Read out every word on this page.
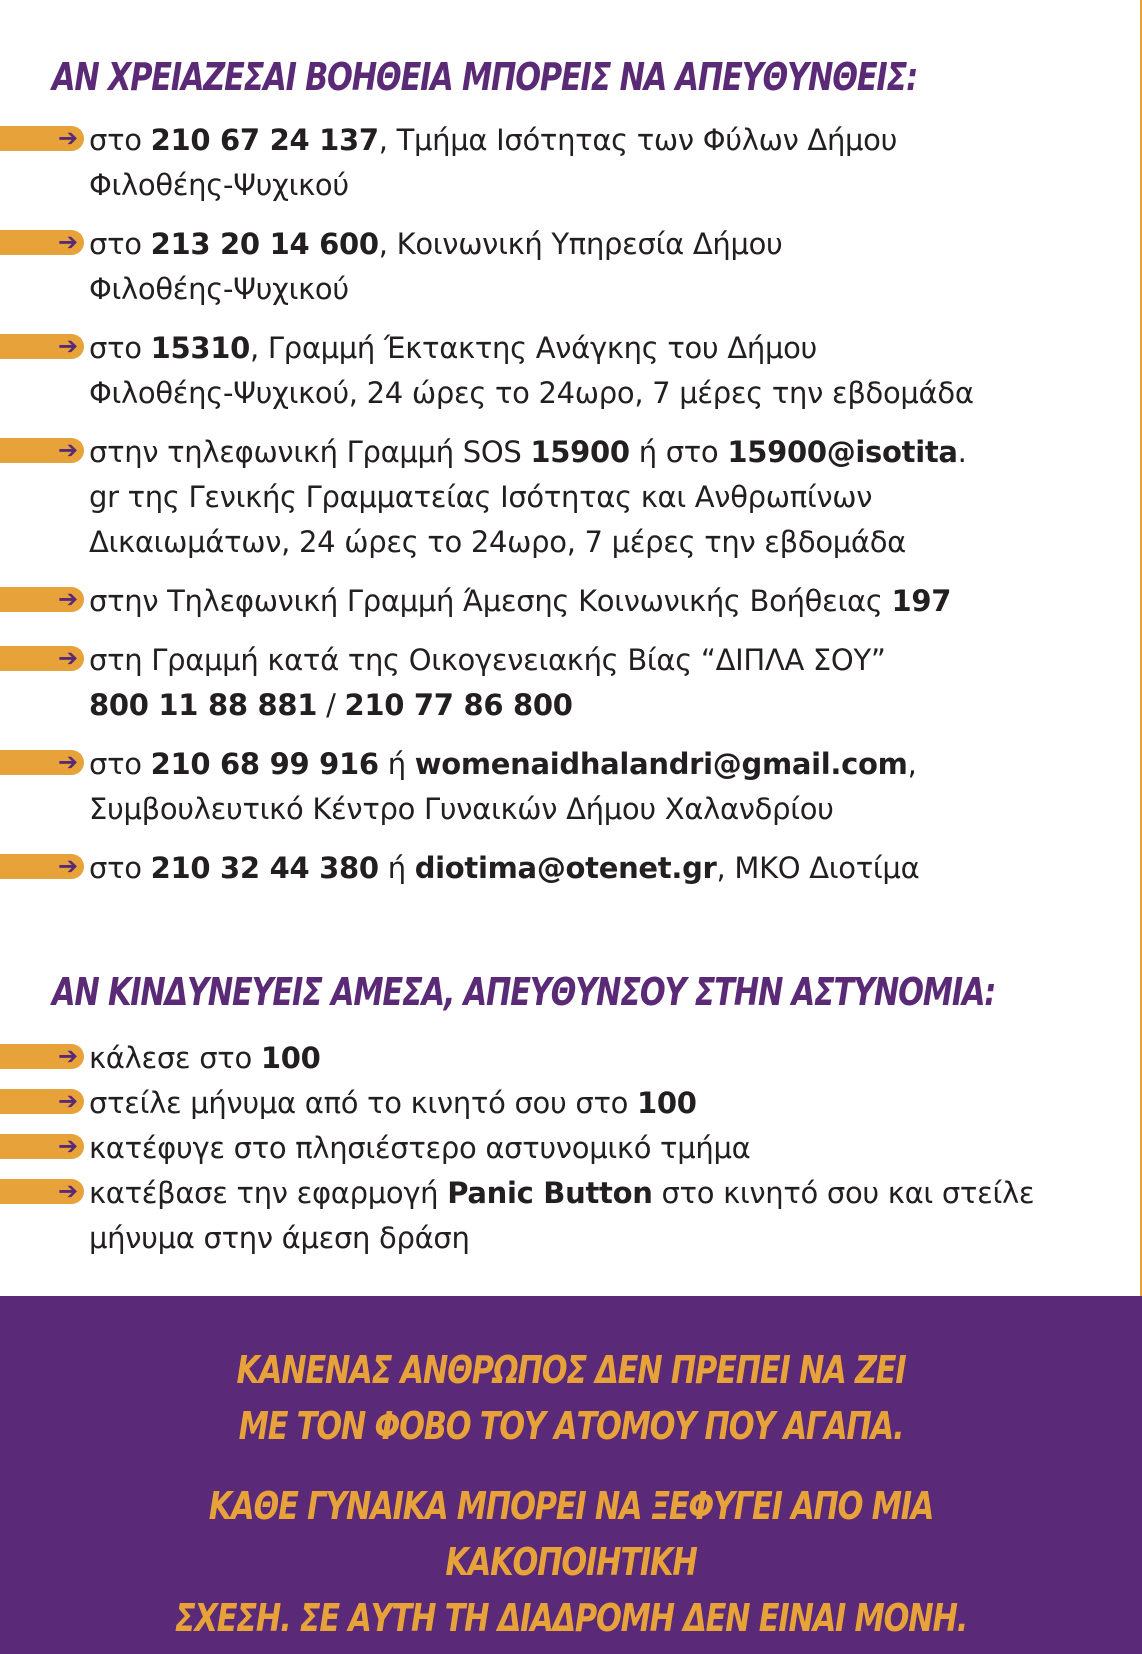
ΑΝ ΧΡΕΙΑΖΕΣΑΙ ΒΟΗΘΕΙΑ ΜΠΟΡΕΙΣ ΝΑ ΑΠΕΥΘΥΝΘΕΙΣ:
➔ στο 210 67 24 137, Τμήμα Ισότητας των Φύλων Δήμου
Φιλοθέης-Ψυχικού
➔ στο 213 20 14 600, Κοινωνική Υπηρεσία Δήμου
Φιλοθέης-Ψυχικού
➔ στο 15310, Γραμμή Έκτακτης Ανάγκης του Δήμου
Φιλοθέης-Ψυχικού, 24 ώρες το 24ωρο, 7 μέρες την εβδομάδα
➔ στην τηλεφωνική Γραμμή SOS 15900 ή στο 15900@isotita.
gr της Γενικής Γραμματείας Ισότητας και Ανθρωπίνων
Δικαιωμάτων, 24 ώρες το 24ωρο, 7 μέρες την εβδομάδα
➔ στην Τηλεφωνική Γραμμή Άμεσης Κοινωνικής Βοήθειας 197
➔ στη Γραμμή κατά της Οικογενειακής Βίας “ΔΙΠΛΑ ΣΟΥ”
800 11 88 881 / 210 77 86 800
➔ στο 210 68 99 916 ή womenaidhalandri@gmail.com,
Συμβουλευτικό Κέντρο Γυναικών Δήμου Χαλανδρίου
➔ στο 210 32 44 380 ή diotima@otenet.gr, ΜΚΟ Διοτίμα
ΑΝ ΚΙΝΔΥΝΕΥΕΙΣ ΑΜΕΣΑ, ΑΠΕΥΘΥΝΣΟΥ ΣΤΗΝ ΑΣΤΥΝΟΜΙΑ:
➔ κάλεσε στο 100
➔ στείλε μήνυμα από το κινητό σου στο 100
➔ κατέφυγε στο πλησιέστερο αστυνομικό τμήμα
➔ κατέβασε την εφαρμογή Panic Button στο κινητό σου και στείλε
μήνυμα στην άμεση δράση

ΚΑΝΕΝΑΣ ΑΝΘΡΩΠΟΣ ΔΕΝ ΠΡΕΠΕΙ ΝΑ ΖΕΙ
ΜΕ ΤΟΝ ΦΟΒΟ ΤΟΥ ΑΤΟΜΟΥ ΠΟΥ ΑΓΑΠΑ.

ΚΑΘΕ ΓΥΝΑΙΚΑ ΜΠΟΡΕΙ ΝΑ ΞΕΦΥΓΕΙ ΑΠΟ ΜΙΑ ΚΑΚΟΠΟΙΗΤΙΚΗ
ΣΧΕΣΗ. ΣΕ ΑΥΤΗ ΤΗ ΔΙΑΔΡΟΜΗ ΔΕΝ ΕΙΝΑΙ ΜΟΝΗ.
